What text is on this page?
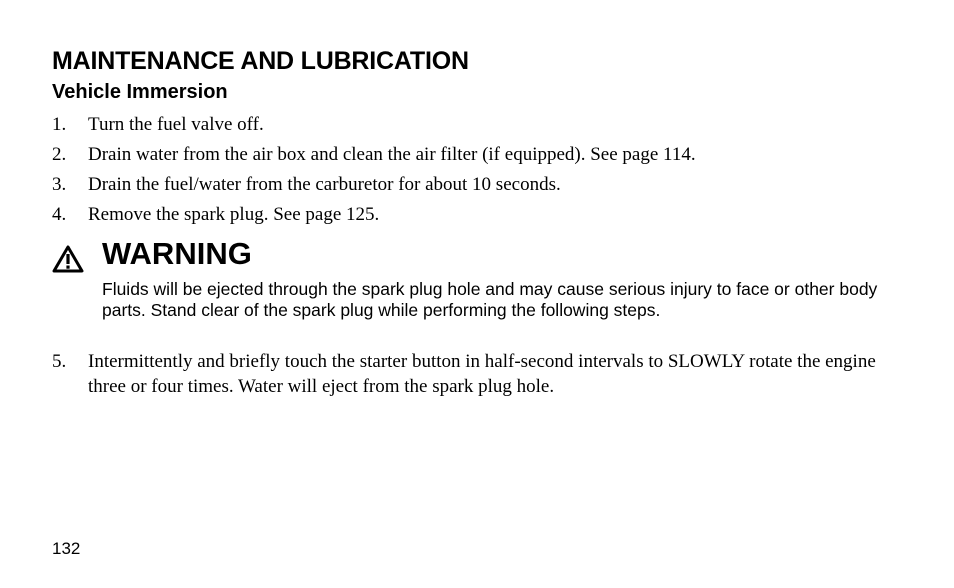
MAINTENANCE AND LUBRICATION
Vehicle Immersion
1.	Turn the fuel valve off.
2.	Drain water from the air box and clean the air filter (if equipped). See page 114.
3.	Drain the fuel/water from the carburetor for about 10 seconds.
4.	Remove the spark plug. See page 125.
WARNING

Fluids will be ejected through the spark plug hole and may cause serious injury to face or other body parts. Stand clear of the spark plug while performing the following steps.

5.	Intermittently and briefly touch the starter button in half-second intervals to SLOWLY rotate the engine three or four times. Water will eject from the spark plug hole.
132
